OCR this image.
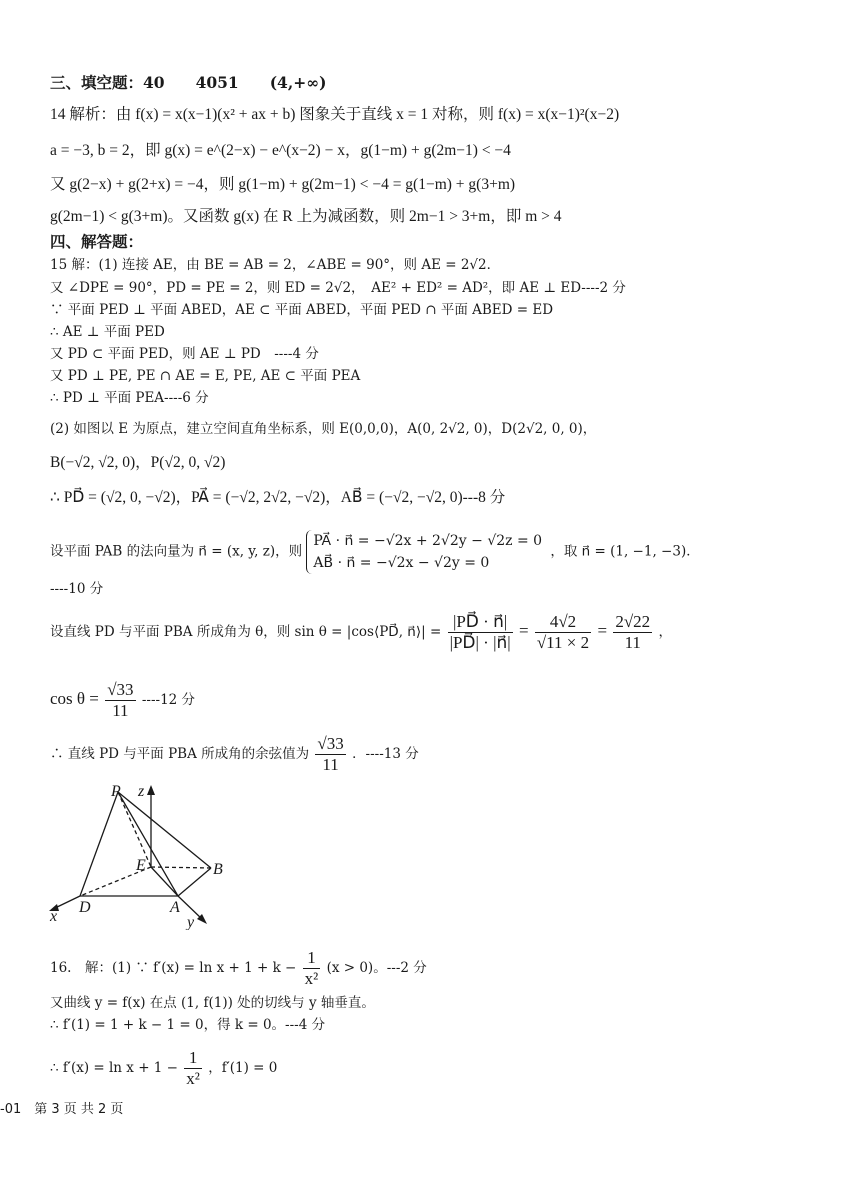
三、填空题：40　　4051　　(4,+∞)
14 解析：由 f(x) = x(x−1)(x² + ax + b) 图象关于直线 x = 1 对称，则 f(x) = x(x−1)²(x−2)
a = −3, b = 2，即 g(x) = e^(2−x) − e^(x−2) − x，g(1−m) + g(2m−1) < −4
又 g(2−x) + g(2+x) = −4，则 g(1−m) + g(2m−1) < −4 = g(1−m) + g(3+m)
g(2m−1) < g(3+m)。又函数 g(x) 在 R 上为减函数，则 2m−1 > 3+m，即 m > 4
四、解答题：
15 解：(1) 连接 AE，由 BE = AB = 2，∠ABE = 90°，则 AE = 2√2．
又 ∠DPE = 90°，PD = PE = 2，则 ED = 2√2，　AE² + ED² = AD²，即 AE ⊥ ED----2 分
∵ 平面 PED ⊥ 平面 ABED，AE ⊂ 平面 ABED，平面 PED ∩ 平面 ABED = ED
∴ AE ⊥ 平面 PED
又 PD ⊂ 平面 PED，则 AE ⊥ PD　----4 分
又 PD ⊥ PE, PE ∩ AE = E, PE, AE ⊂ 平面 PEA
∴ PD ⊥ 平面 PEA----6 分
(2) 如图以 E 为原点，建立空间直角坐标系，则 E(0,0,0)，A(0, 2√2, 0)，D(2√2, 0, 0)，
B(−√2, √2, 0)，P(√2, 0, √2)
∴ PD⃗ = (√2, 0, −√2)，PA⃗ = (−√2, 2√2, −√2)，AB⃗ = (−√2, −√2, 0)---8 分
设平面 PAB 的法向量为 n⃗ = (x, y, z)，则
PA⃗ · n⃗ = −√2x + 2√2y − √2z = 0
AB⃗ · n⃗ = −√2x − √2y = 0
，取 n⃗ = (1, −1, −3)．
----10 分
设直线 PD 与平面 PBA 所成角为 θ，则 sin θ = |cos⟨PD⃗, n⃗⟩| = $\frac{|PD⃗ \cdot n⃗|}{|PD⃗| \cdot |n⃗|} = \frac{4√2}{√11 \times 2} = \frac{2√22}{11}$ ，
$\cos \theta = \frac{√33}{11} ----12$ 分
∴ 直线 PD 与平面 PBA 所成角的余弦值为 $\frac{√33}{11}$ ．----13 分
P z
E	B
x
D	A
y
16.　解：(1) ∵ $f'(x) = \ln x + 1 + k - \frac{1}{\text{x²}} (x > 0)$。---2 分
又曲线 y = f(x) 在点 (1, f(1)) 处的切线与 y 轴垂直。
∴ f′(1) = 1 + k − 1 = 0，得 k = 0。---4 分
∴ $f'(x) = \ln x + 1 - \frac{1}{\text{x²}}$ ，f′(1) = 0
-01　第 3 页 共 2 页
